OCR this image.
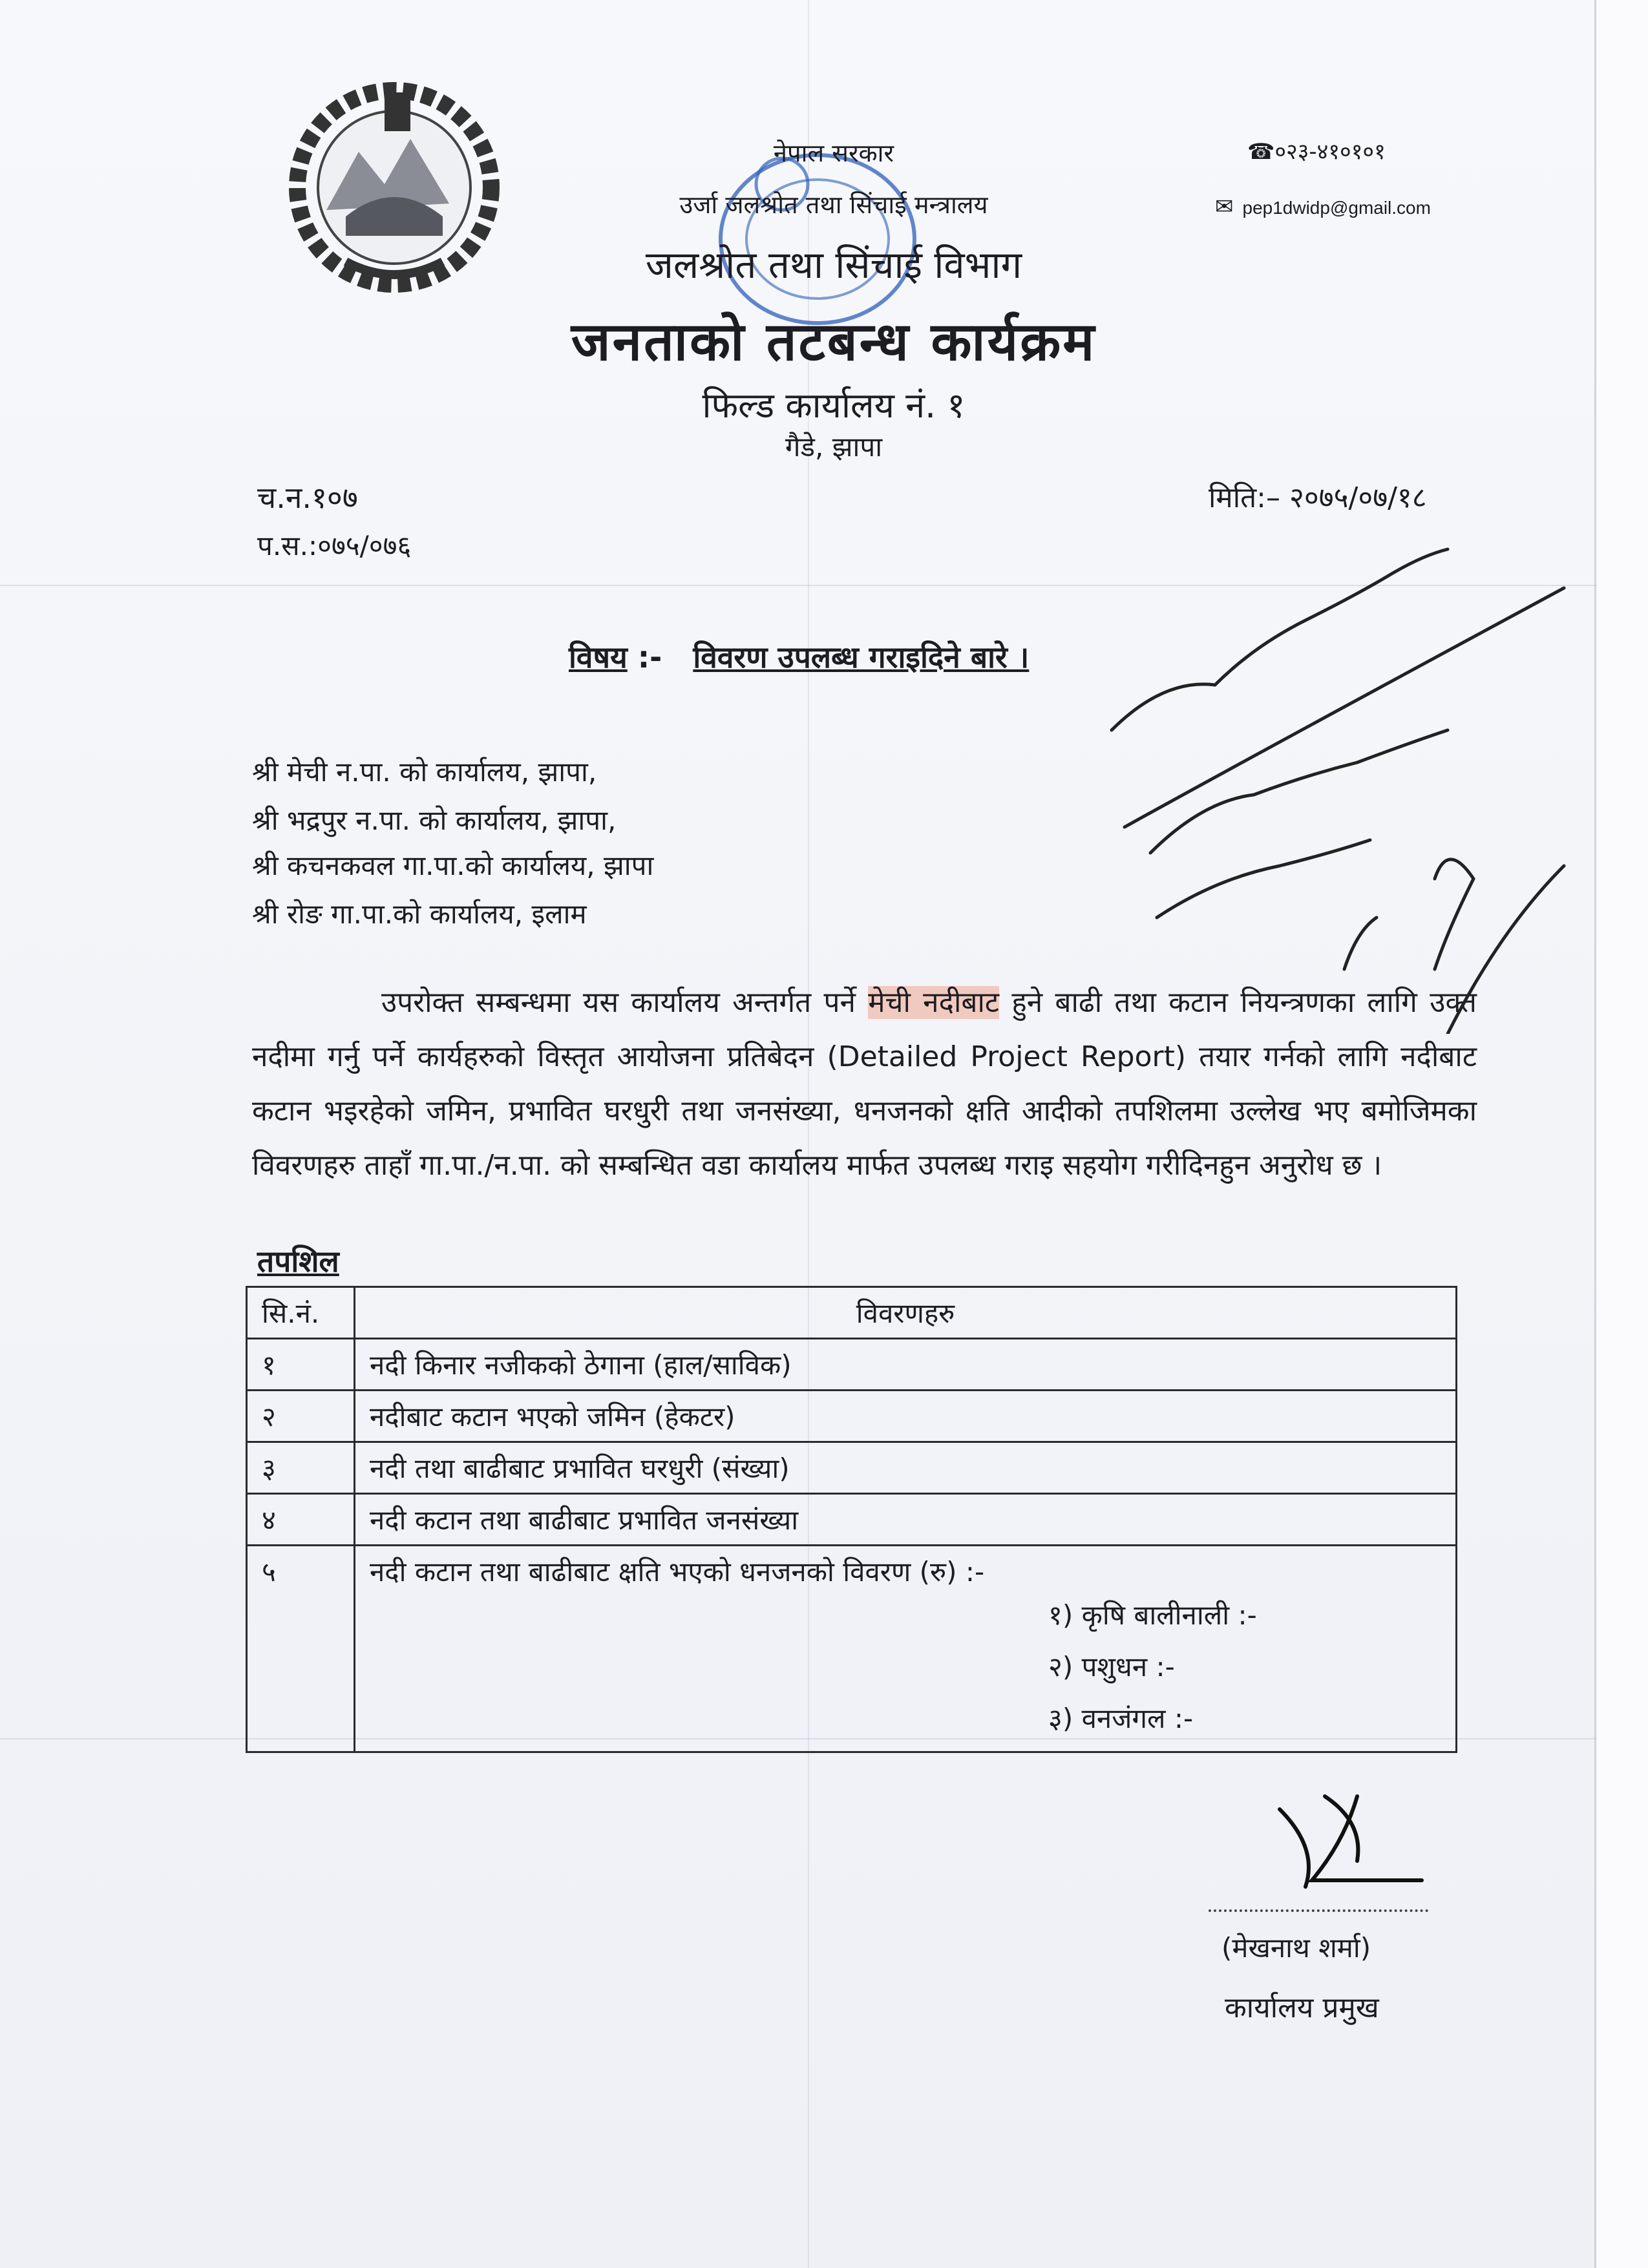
नेपाल सरकार
उर्जा जलश्रोत तथा सिंचाई मन्त्रालय
जलश्रोत तथा सिंचाई विभाग
जनताको तटबन्ध कार्यक्रम
फिल्ड कार्यालय नं. १
गैडे, झापा
☎०२३-४१०१०१
✉ pep1dwidp@gmail.com
च.न.१०७
प.स.:०७५/०७६
मिति:– २०७५/०७/१८
विषय :- विवरण उपलब्ध गराइदिने बारे ।
श्री मेची न.पा. को कार्यालय, झापा,
श्री भद्रपुर न.पा. को कार्यालय, झापा,
श्री कचनकवल गा.पा.को कार्यालय, झापा
श्री रोङ गा.पा.को कार्यालय, इलाम

उपरोक्त सम्बन्धमा यस कार्यालय अन्तर्गत पर्ने मेची नदीबाट हुने बाढी तथा कटान नियन्त्रणका लागि उक्त नदीमा गर्नु पर्ने कार्यहरुको विस्तृत आयोजना प्रतिबेदन (Detailed Project Report) तयार गर्नको लागि नदीबाट कटान भइरहेको जमिन, प्रभावित घरधुरी तथा जनसंख्या, धनजनको क्षति आदीको तपशिलमा उल्लेख भए बमोजिमका विवरणहरु ताहाँ गा.पा./न.पा. को सम्बन्धित वडा कार्यालय मार्फत उपलब्ध गराइ सहयोग गरीदिनहुन अनुरोध छ ।

तपशिल
सि.नं.	विवरणहरु
१	नदी किनार नजीकको ठेगाना (हाल/साविक)
२	नदीबाट कटान भएको जमिन (हेकटर)
३	नदी तथा बाढीबाट प्रभावित घरधुरी (संख्या)
४	नदी कटान तथा बाढीबाट प्रभावित जनसंख्या
५	नदी कटान तथा बाढीबाट क्षति भएको धनजनको विवरण (रु) :-
१) कृषि बालीनाली :-
२) पशुधन :-
३) वनजंगल :-
(मेखनाथ शर्मा)
कार्यालय प्रमुख
